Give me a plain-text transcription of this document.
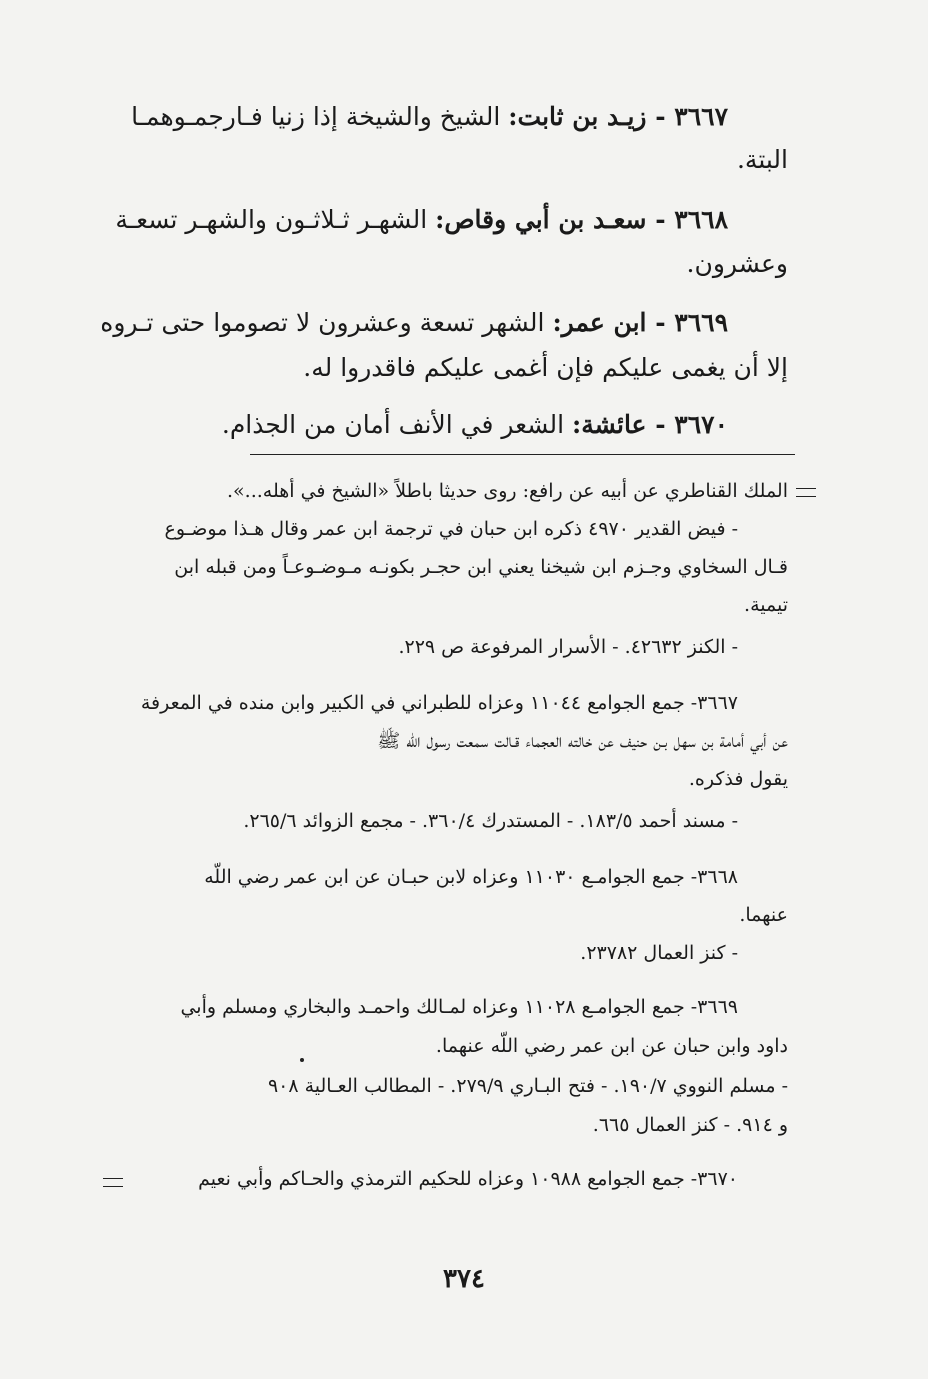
٣٦٦٧ - زيـد بن ثابت: الشيخ والشيخة إذا زنيا فـارجمـوهمـا
البتة.
٣٦٦٨ - سعـد بن أبي وقاص: الشهـر ثـلاثـون والشهـر تسعـة
وعشرون.
٣٦٦٩ - ابن عمر: الشهر تسعة وعشرون لا تصوموا حتى تـروه
إلا أن يغمى عليكم فإن أغمى عليكم فاقدروا له.
٣٦٧٠ - عائشة: الشعر في الأنف أمان من الجذام.
الملك القناطري عن أبيه عن رافع: روى حديثا باطلاً «الشيخ في أهله...».
- فيض القدير ٤٩٧٠ ذكره ابن حبان في ترجمة ابن عمر وقال هـذا موضـوع
قـال السخاوي وجـزم ابن شيخنا يعني ابن حجـر بكونـه مـوضـوعـاً ومن قبله ابن
تيمية.
- الكنز ٤٢٦٣٢. - الأسرار المرفوعة ص ٢٢٩.
٣٦٦٧- جمع الجوامع ١١٠٤٤ وعزاه للطبراني في الكبير وابن منده في المعرفة
عن أبي أمامة بن سهل بـن حنيف عن خالته العجماء قـالت سمعت رسول اللّه ﷺ
يقول فذكره.
- مسند أحمد ١٨٣/٥. - المستدرك ٣٦٠/٤. - مجمع الزوائد ٢٦٥/٦.
٣٦٦٨- جمع الجوامـع ١١٠٣٠ وعزاه لابن حبـان عن ابن عمر رضي اللّه
عنهما.
- كنز العمال ٢٣٧٨٢.
٣٦٦٩- جمع الجوامـع ١١٠٢٨ وعزاه لمـالك واحمـد والبخاري ومسلم وأبي
داود وابن حبان عن ابن عمر رضي اللّه عنهما.
- مسلم النووي ١٩٠/٧. - فتح البـاري ٢٧٩/٩. - المطالب العـالية ٩٠٨
و ٩١٤. - كنز العمال ٦٦٥.
٣٦٧٠- جمع الجوامع ١٠٩٨٨ وعزاه للحكيم الترمذي والحـاكم وأبي نعيم
٣٧٤
